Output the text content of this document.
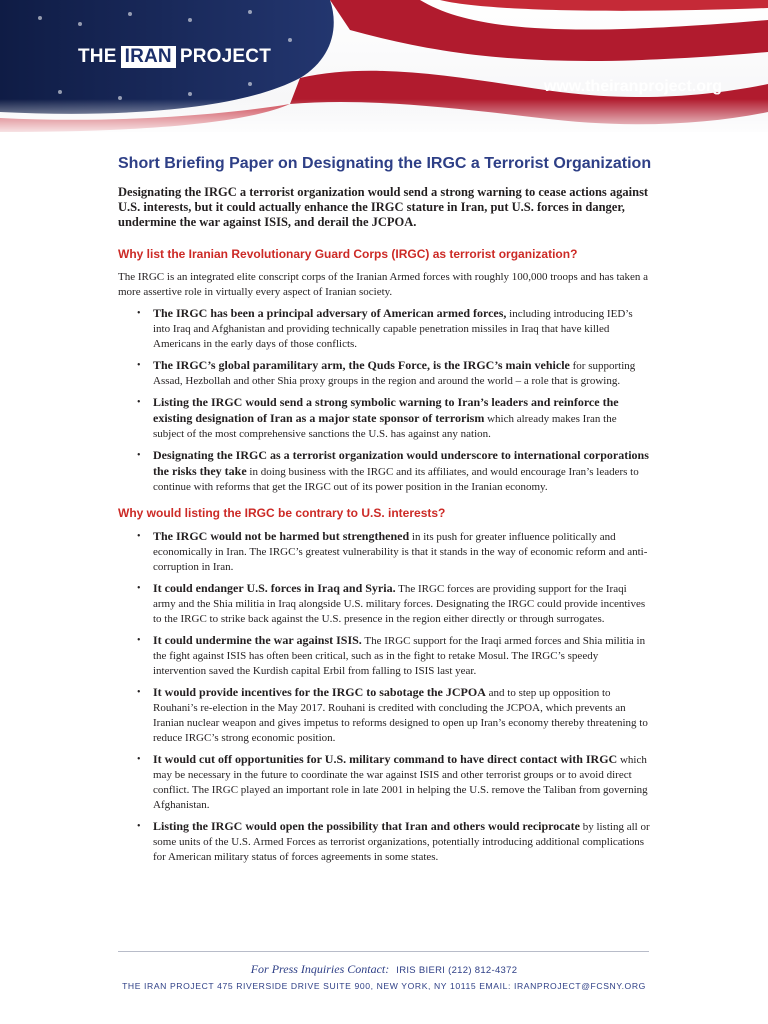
THE IRAN PROJECT
www.theiranproject.org
Short Briefing Paper on Designating the IRGC a Terrorist Organization

Designating the IRGC a terrorist organization would send a strong warning to cease actions against U.S. interests, but it could actually enhance the IRGC stature in Iran, put U.S. forces in danger, undermine the war against ISIS, and derail the JCPOA.

Why list the Iranian Revolutionary Guard Corps (IRGC) as terrorist organization?

The IRGC is an integrated elite conscript corps of the Iranian Armed forces with roughly 100,000 troops and has taken a more assertive role in virtually every aspect of Iranian society.

• The IRGC has been a principal adversary of American armed forces, including introducing IED’s into Iraq and Afghanistan and providing technically capable penetration missiles in Iraq that have killed Americans in the early days of those conflicts.
• The IRGC’s global paramilitary arm, the Quds Force, is the IRGC’s main vehicle for supporting Assad, Hezbollah and other Shia proxy groups in the region and around the world – a role that is growing.
• Listing the IRGC would send a strong symbolic warning to Iran’s leaders and reinforce the existing designation of Iran as a major state sponsor of terrorism which already makes Iran the subject of the most comprehensive sanctions the U.S. has against any nation.
• Designating the IRGC as a terrorist organization would underscore to international corporations the risks they take in doing business with the IRGC and its affiliates, and would encourage Iran’s leaders to continue with reforms that get the IRGC out of its power position in the Iranian economy.
Why would listing the IRGC be contrary to U.S. interests?
• The IRGC would not be harmed but strengthened in its push for greater influence politically and economically in Iran. The IRGC’s greatest vulnerability is that it stands in the way of economic reform and anti-corruption in Iran.
• It could endanger U.S. forces in Iraq and Syria. The IRGC forces are providing support for the Iraqi army and the Shia militia in Iraq alongside U.S. military forces. Designating the IRGC could provide incentives to the IRGC to strike back against the U.S. presence in the region either directly or through surrogates.
• It could undermine the war against ISIS. The IRGC support for the Iraqi armed forces and Shia militia in the fight against ISIS has often been critical, such as in the fight to retake Mosul. The IRGC’s speedy intervention saved the Kurdish capital Erbil from falling to ISIS last year.
• It would provide incentives for the IRGC to sabotage the JCPOA and to step up opposition to Rouhani’s re-election in the May 2017. Rouhani is credited with concluding the JCPOA, which prevents an Iranian nuclear weapon and gives impetus to reforms designed to open up Iran’s economy thereby threatening to reduce IRGC’s strong economic position.
• It would cut off opportunities for U.S. military command to have direct contact with IRGC which may be necessary in the future to coordinate the war against ISIS and other terrorist groups or to avoid direct conflict. The IRGC played an important role in late 2001 in helping the U.S. remove the Taliban from governing Afghanistan.
• Listing the IRGC would open the possibility that Iran and others would reciprocate by listing all or some units of the U.S. Armed Forces as terrorist organizations, potentially introducing additional complications for American military status of forces agreements in some states.
For Press Inquiries Contact: IRIS BIERI (212) 812-4372
THE IRAN PROJECT 475 RIVERSIDE DRIVE SUITE 900, NEW YORK, NY 10115 EMAIL: IRANPROJECT@FCSNY.ORG
